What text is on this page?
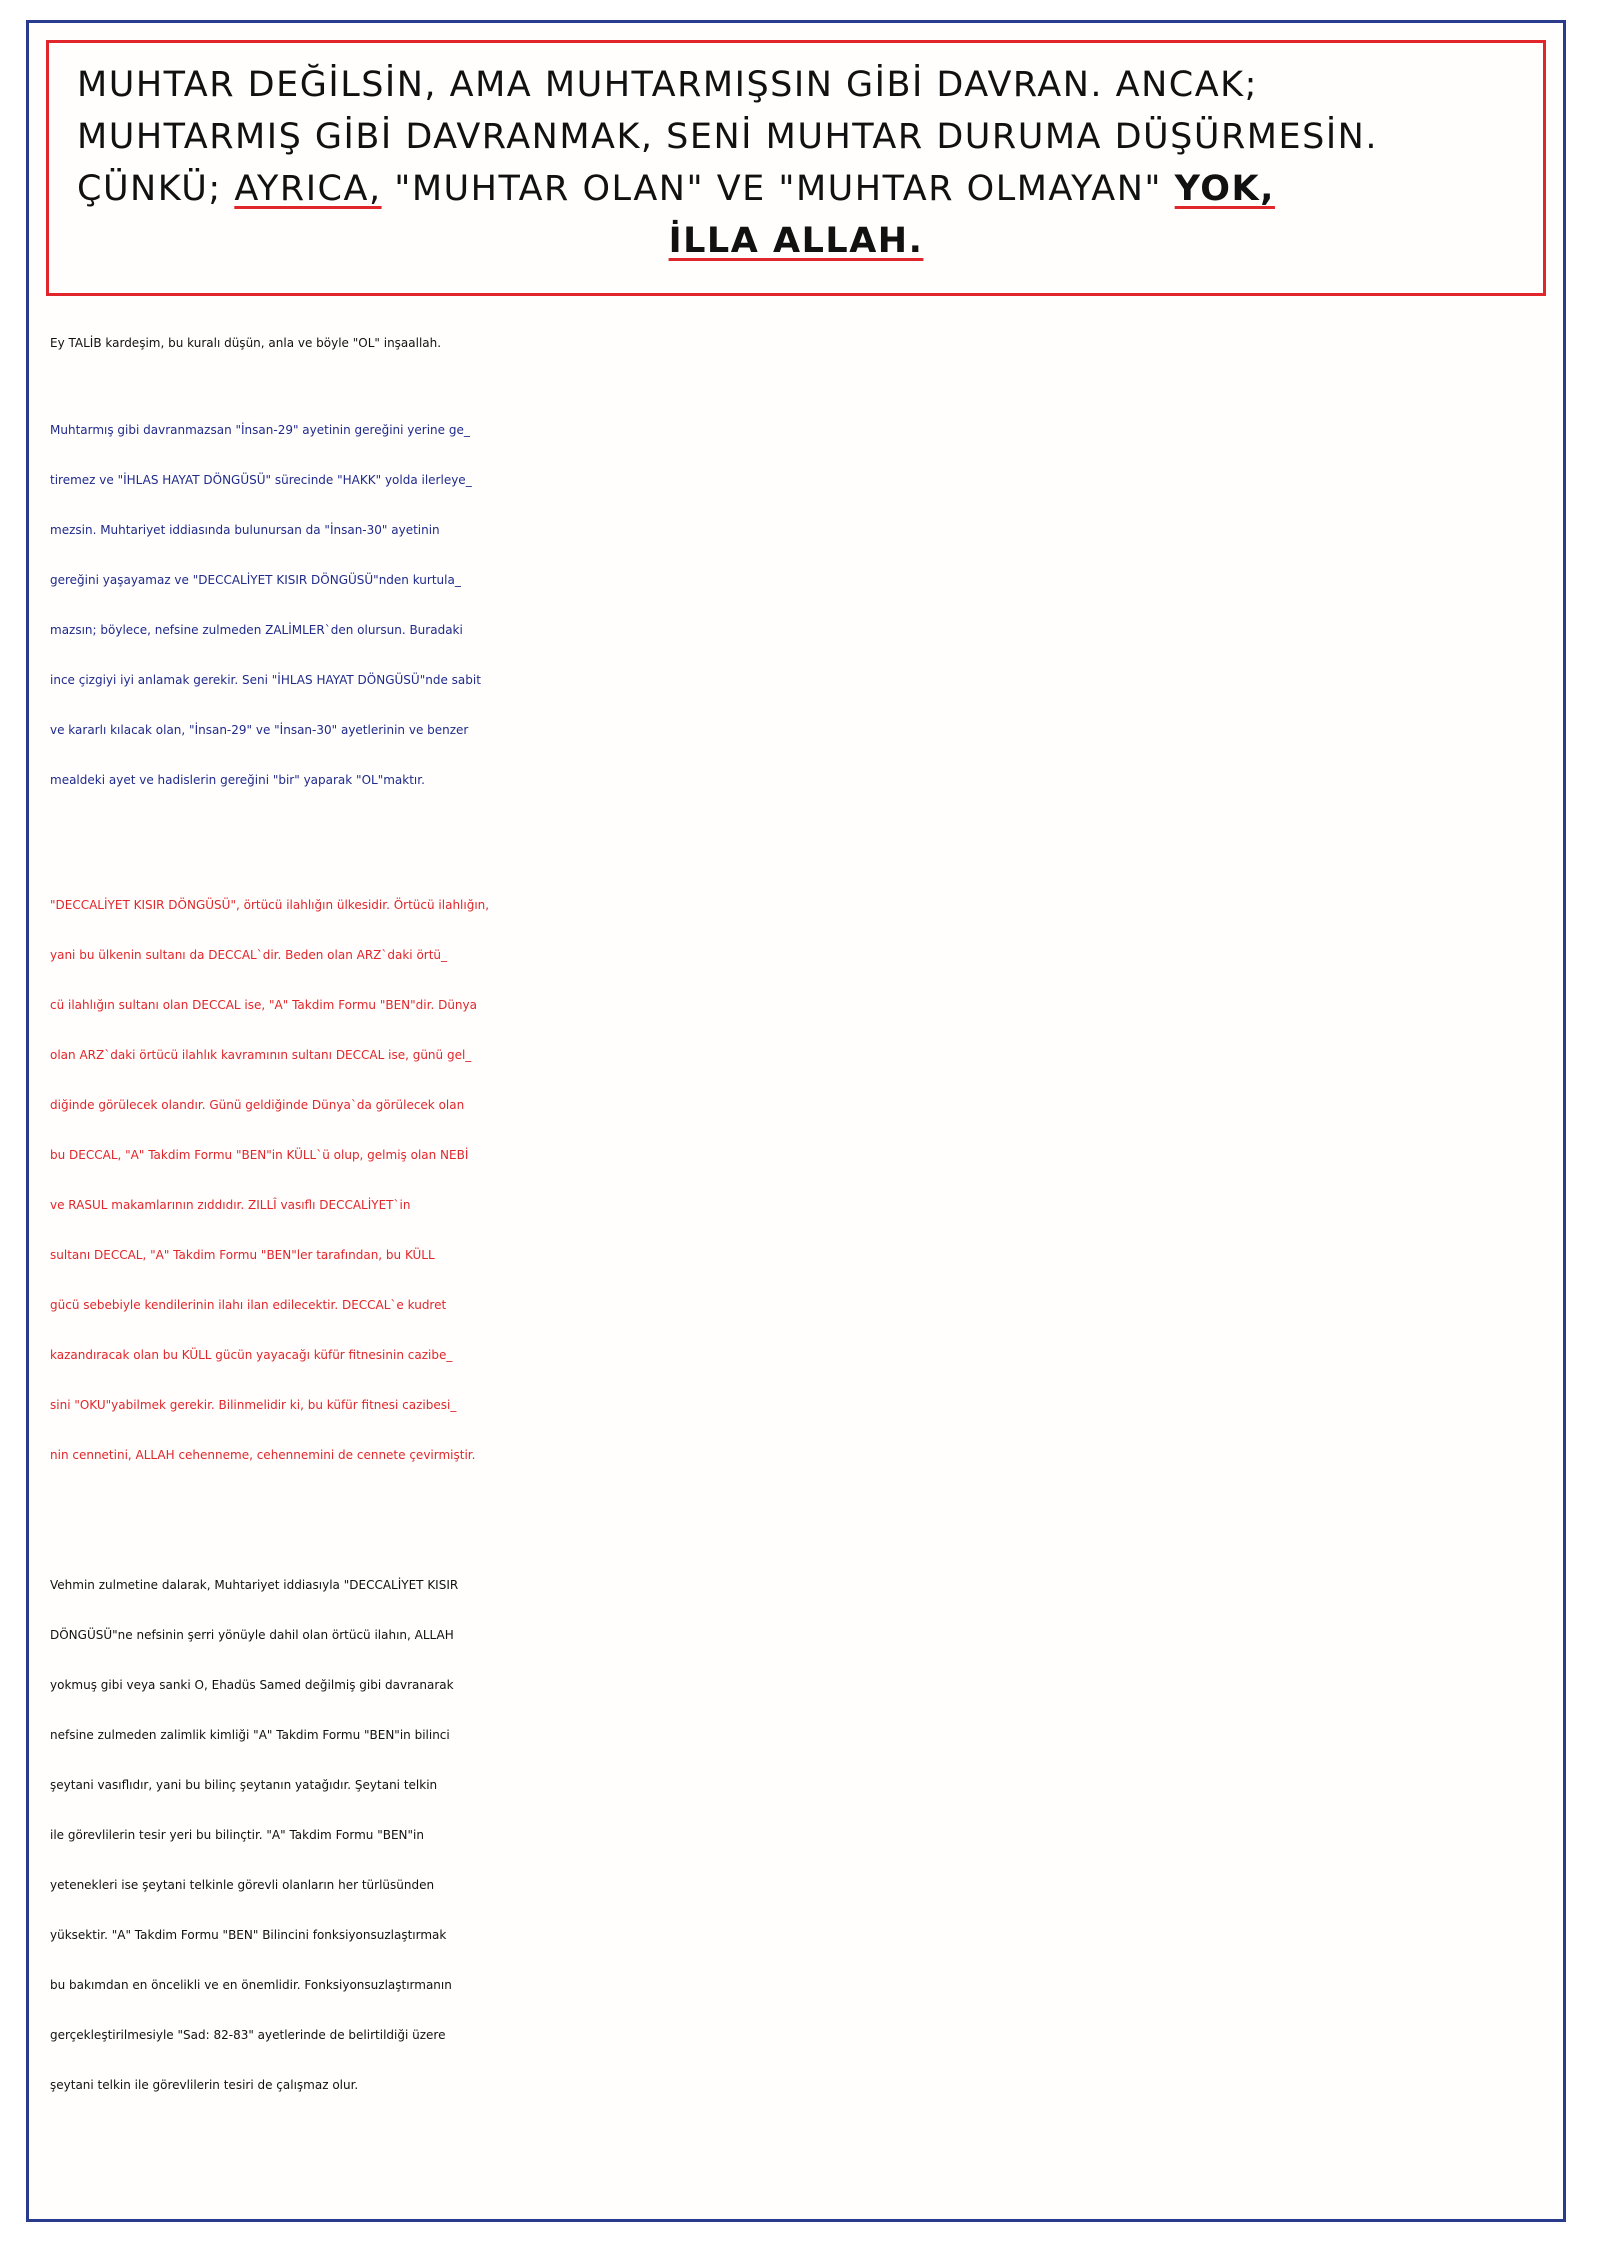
MUHTAR DEĞİLSİN, AMA MUHTARMIŞSIN GİBİ DAVRAN. ANCAK;
MUHTARMIŞ GİBİ DAVRANMAK, SENİ MUHTAR DURUMA DÜŞÜRMESİN.
ÇÜNKÜ; AYRICA, "MUHTAR OLAN" VE "MUHTAR OLMAYAN" YOK,
İLLA ALLAH.
Ey TALİB kardeşim, bu kuralı düşün, anla ve böyle "OL" inşaallah.
Muhtarmış gibi davranmazsan "İnsan-29" ayetinin gereğini yerine ge_
tiremez ve "İHLAS HAYAT DÖNGÜSÜ" sürecinde "HAKK" yolda ilerleye_
mezsin. Muhtariyet iddiasında bulunursan da "İnsan-30" ayetinin
gereğini yaşayamaz ve "DECCALİYET KISIR DÖNGÜSÜ"nden kurtula_
mazsın; böylece, nefsine zulmeden ZALİMLER`den olursun. Buradaki
ince çizgiyi iyi anlamak gerekir. Seni "İHLAS HAYAT DÖNGÜSÜ"nde sabit
ve kararlı kılacak olan, "İnsan-29" ve "İnsan-30" ayetlerinin ve benzer
mealdeki ayet ve hadislerin gereğini "bir" yaparak "OL"maktır.
"DECCALİYET KISIR DÖNGÜSÜ", örtücü ilahlığın ülkesidir. Örtücü ilahlığın,
yani bu ülkenin sultanı da DECCAL`dir. Beden olan ARZ`daki örtü_
cü ilahlığın sultanı olan DECCAL ise, "A" Takdim Formu "BEN"dir. Dünya
olan ARZ`daki örtücü ilahlık kavramının sultanı DECCAL ise, günü gel_
diğinde görülecek olandır. Günü geldiğinde Dünya`da görülecek olan
bu DECCAL, "A" Takdim Formu "BEN"in KÜLL`ü olup, gelmiş olan NEBİ
ve RASUL makamlarının zıddıdır. ZILLÎ vasıflı DECCALİYET`in
sultanı DECCAL, "A" Takdim Formu "BEN"ler tarafından, bu KÜLL
gücü sebebiyle kendilerinin ilahı ilan edilecektir. DECCAL`e kudret
kazandıracak olan bu KÜLL gücün yayacağı küfür fitnesinin cazibe_
sini "OKU"yabilmek gerekir. Bilinmelidir ki, bu küfür fitnesi cazibesi_
nin cennetini, ALLAH cehenneme, cehennemini de cennete çevirmiştir.
Vehmin zulmetine dalarak, Muhtariyet iddiasıyla "DECCALİYET KISIR
DÖNGÜSÜ"ne nefsinin şerri yönüyle dahil olan örtücü ilahın, ALLAH
yokmuş gibi veya sanki O, Ehadüs Samed değilmiş gibi davranarak
nefsine zulmeden zalimlik kimliği "A" Takdim Formu "BEN"in bilinci
şeytani vasıflıdır, yani bu bilinç şeytanın yatağıdır. Şeytani telkin
ile görevlilerin tesir yeri bu bilinçtir. "A" Takdim Formu "BEN"in
yetenekleri ise şeytani telkinle görevli olanların her türlüsünden
yüksektir. "A" Takdim Formu "BEN" Bilincini fonksiyonsuzlaştırmak
bu bakımdan en öncelikli ve en önemlidir. Fonksiyonsuzlaştırmanın
gerçekleştirilmesiyle "Sad: 82-83" ayetlerinde de belirtildiği üzere
şeytani telkin ile görevlilerin tesiri de çalışmaz olur.
